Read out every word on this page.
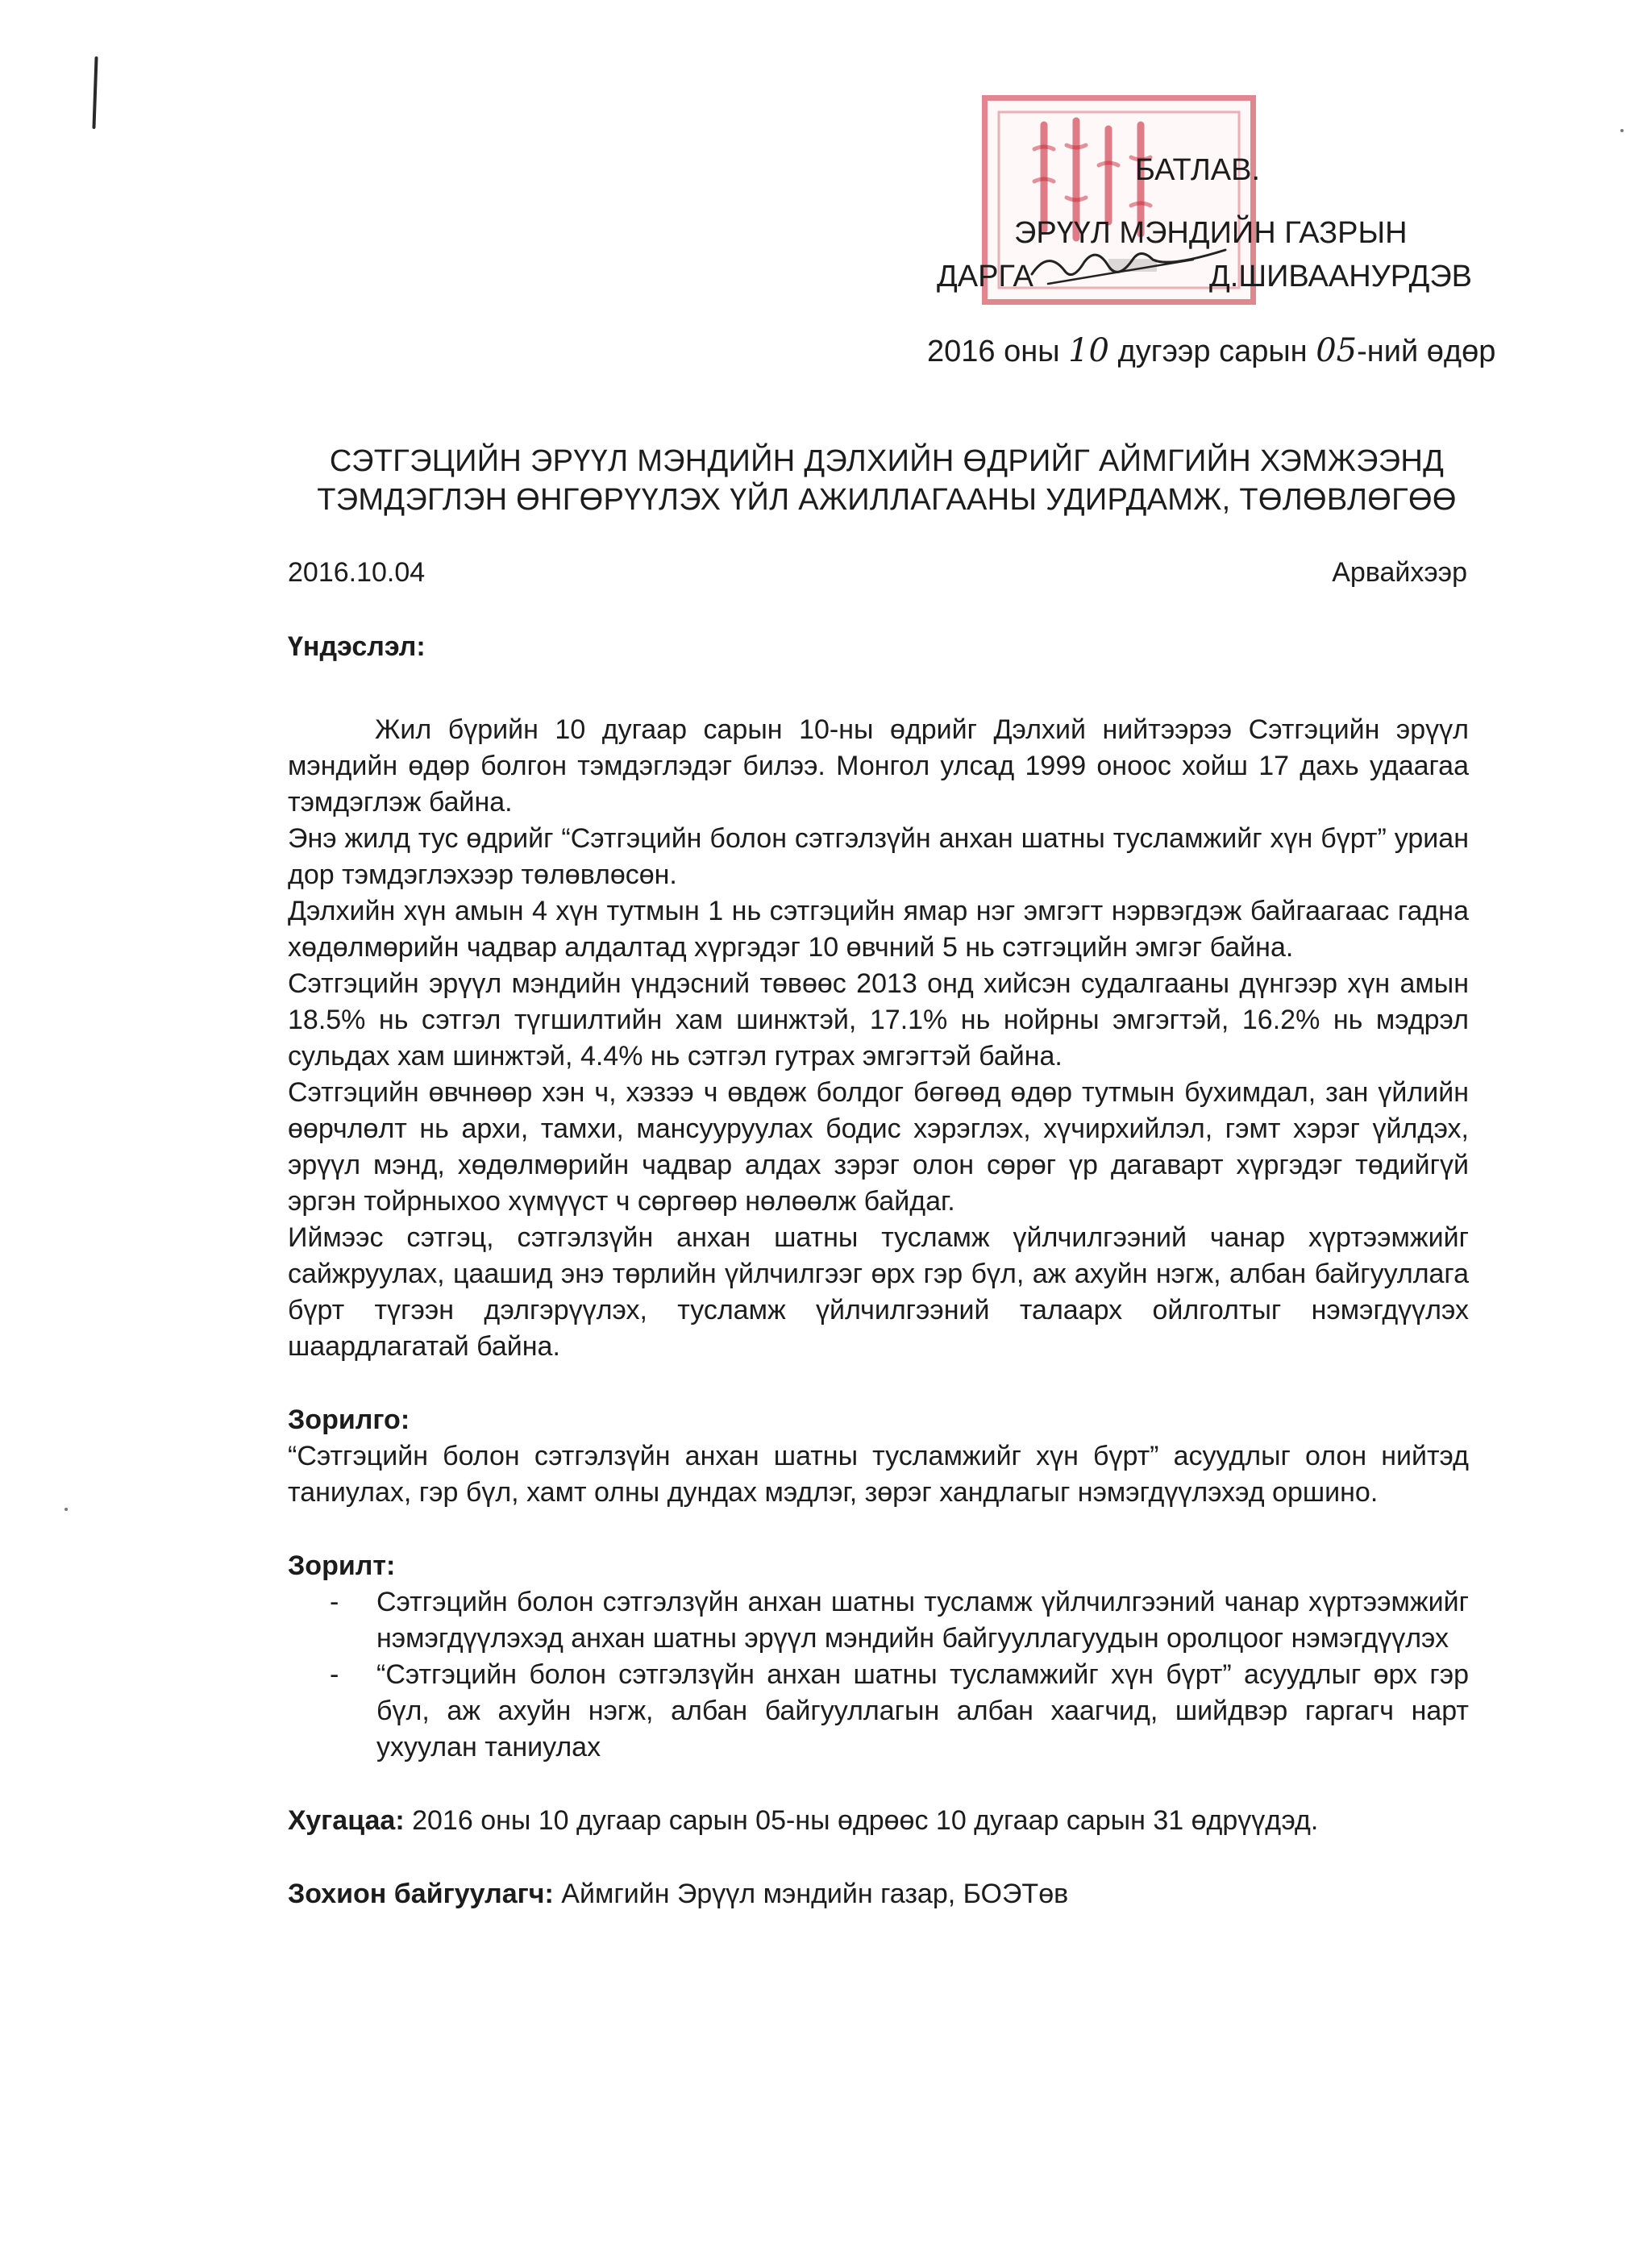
БАТЛАВ.
ЭРҮҮЛ МЭНДИЙН ГАЗРЫН
ДАРГА	Д.ШИВААНУРДЭВ
2016 оны 10 дугээр сарын 05-ний өдөр
СЭТГЭЦИЙН ЭРҮҮЛ МЭНДИЙН ДЭЛХИЙН ӨДРИЙГ АЙМГИЙН ХЭМЖЭЭНД
ТЭМДЭГЛЭН ӨНГӨРҮҮЛЭХ ҮЙЛ АЖИЛЛАГААНЫ УДИРДАМЖ, ТӨЛӨВЛӨГӨӨ
2016.10.04	Арвайхээр

Үндэслэл:

Жил бүрийн 10 дугаар сарын 10-ны өдрийг Дэлхий нийтээрээ Сэтгэцийн эрүүл мэндийн өдөр болгон тэмдэглэдэг билээ. Монгол улсад 1999 оноос хойш 17 дахь удаагаа тэмдэглэж байна.

Энэ жилд тус өдрийг “Сэтгэцийн болон сэтгэлзүйн анхан шатны тусламжийг хүн бүрт” уриан дор тэмдэглэхээр төлөвлөсөн.

Дэлхийн хүн амын 4 хүн тутмын 1 нь сэтгэцийн ямар нэг эмгэгт нэрвэгдэж байгаагаас гадна хөдөлмөрийн чадвар алдалтад хүргэдэг 10 өвчний 5 нь сэтгэцийн эмгэг байна.

Сэтгэцийн эрүүл мэндийн үндэсний төвөөс 2013 онд хийсэн судалгааны дүнгээр хүн амын 18.5% нь сэтгэл түгшилтийн хам шинжтэй, 17.1% нь нойрны эмгэгтэй, 16.2% нь мэдрэл сульдах хам шинжтэй, 4.4% нь сэтгэл гутрах эмгэгтэй байна.

Сэтгэцийн өвчнөөр хэн ч, хэзээ ч өвдөж болдог бөгөөд өдөр тутмын бухимдал, зан үйлийн өөрчлөлт нь архи, тамхи, мансууруулах бодис хэрэглэх, хүчирхийлэл, гэмт хэрэг үйлдэх, эрүүл мэнд, хөдөлмөрийн чадвар алдах зэрэг олон сөрөг үр дагаварт хүргэдэг төдийгүй эргэн тойрныхоо хүмүүст ч сөргөөр нөлөөлж байдаг.

Иймээс сэтгэц, сэтгэлзүйн анхан шатны тусламж үйлчилгээний чанар хүртээмжийг сайжруулах, цаашид энэ төрлийн үйлчилгээг өрх гэр бүл, аж ахуйн нэгж, албан байгууллага бүрт түгээн дэлгэрүүлэх, тусламж үйлчилгээний талаарх ойлголтыг нэмэгдүүлэх шаардлагатай байна.

Зорилго:

“Сэтгэцийн болон сэтгэлзүйн анхан шатны тусламжийг хүн бүрт” асуудлыг олон нийтэд таниулах, гэр бүл, хамт олны дундах мэдлэг, зөрэг хандлагыг нэмэгдүүлэхэд оршино.

Зорилт:

- Сэтгэцийн болон сэтгэлзүйн анхан шатны тусламж үйлчилгээний чанар хүртээмжийг нэмэгдүүлэхэд анхан шатны эрүүл мэндийн байгууллагуудын оролцоог нэмэгдүүлэх
- “Сэтгэцийн болон сэтгэлзүйн анхан шатны тусламжийг хүн бүрт” асуудлыг өрх гэр бүл, аж ахуйн нэгж, албан байгууллагын албан хаагчид, шийдвэр гаргагч нарт ухуулан таниулах

Хугацаа: 2016 оны 10 дугаар сарын 05-ны өдрөөс 10 дугаар сарын 31 өдрүүдэд.

Зохион байгуулагч: Аймгийн Эрүүл мэндийн газар, БОЭТөв
